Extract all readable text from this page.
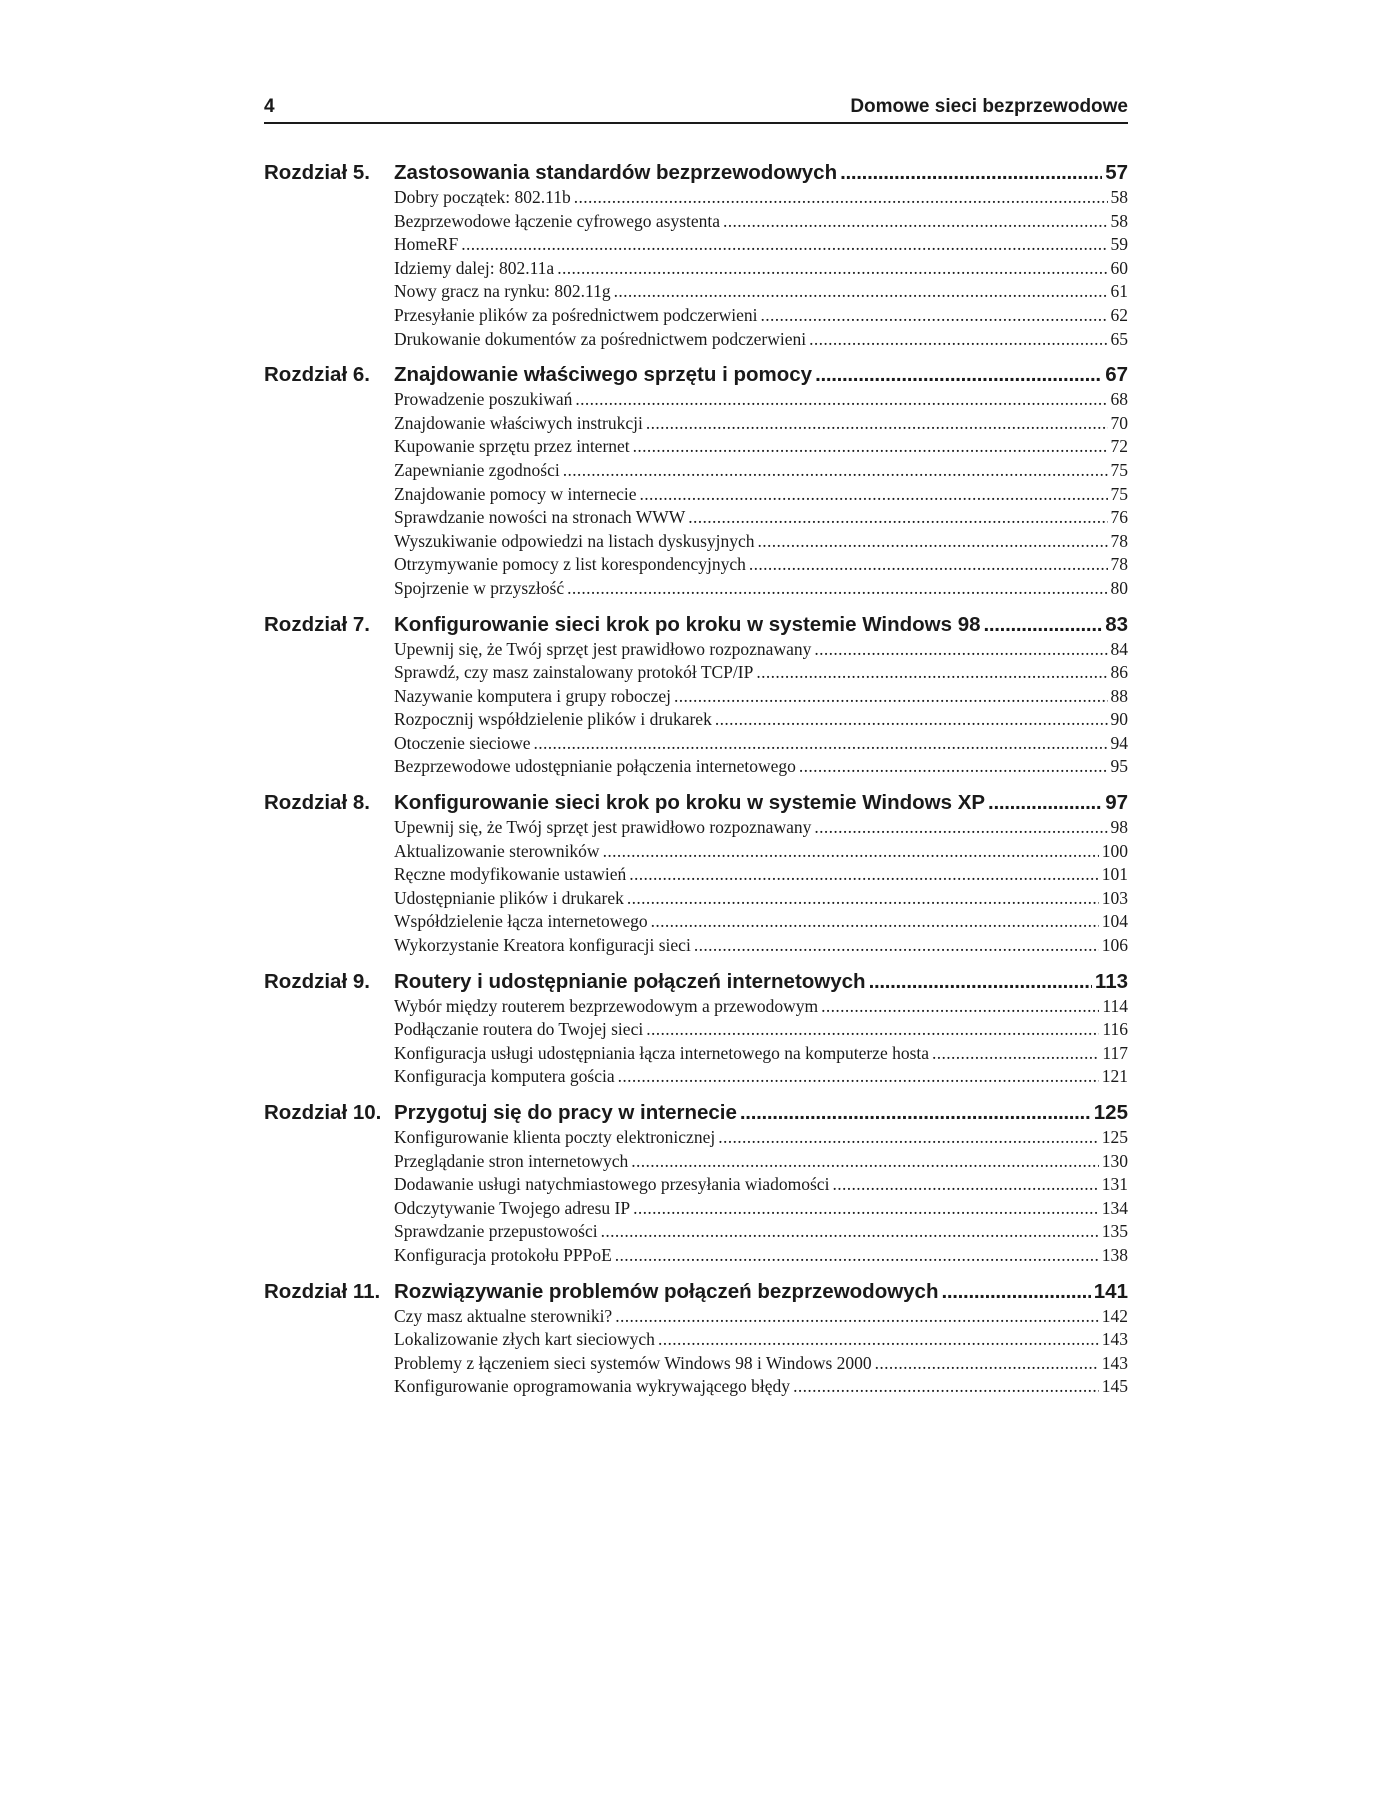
4	Domowe sieci bezprzewodowe
Rozdział 5.	Zastosowania standardów bezprzewodowych . . .	57
Dobry początek: 802.11b . . .	58
Bezprzewodowe łączenie cyfrowego asystenta . . .	58
HomeRF . . .	59
Idziemy dalej: 802.11a . . .	60
Nowy gracz na rynku: 802.11g . . .	61
Przesyłanie plików za pośrednictwem podczerwieni . . .	62
Drukowanie dokumentów za pośrednictwem podczerwieni . . .	65
Rozdział 6.	Znajdowanie właściwego sprzętu i pomocy . . .	67
Prowadzenie poszukiwań . . .	68
Znajdowanie właściwych instrukcji . . .	70
Kupowanie sprzętu przez internet . . .	72
Zapewnianie zgodności . . .	75
Znajdowanie pomocy w internecie . . .	75
Sprawdzanie nowości na stronach WWW . . .	76
Wyszukiwanie odpowiedzi na listach dyskusyjnych . . .	78
Otrzymywanie pomocy z list korespondencyjnych . . .	78
Spojrzenie w przyszłość . . .	80
Rozdział 7.	Konfigurowanie sieci krok po kroku w systemie Windows 98 . . .	83
Upewnij się, że Twój sprzęt jest prawidłowo rozpoznawany . . .	84
Sprawdź, czy masz zainstalowany protokół TCP/IP . . .	86
Nazywanie komputera i grupy roboczej . . .	88
Rozpocznij współdzielenie plików i drukarek . . .	90
Otoczenie sieciowe . . .	94
Bezprzewodowe udostępnianie połączenia internetowego . . .	95
Rozdział 8.	Konfigurowanie sieci krok po kroku w systemie Windows XP . . .	97
Upewnij się, że Twój sprzęt jest prawidłowo rozpoznawany . . .	98
Aktualizowanie sterowników . . .	100
Ręczne modyfikowanie ustawień . . .	101
Udostępnianie plików i drukarek . . .	103
Współdzielenie łącza internetowego . . .	104
Wykorzystanie Kreatora konfiguracji sieci . . .	106
Rozdział 9.	Routery i udostępnianie połączeń internetowych . . .	113
Wybór między routerem bezprzewodowym a przewodowym . . .	114
Podłączanie routera do Twojej sieci . . .	116
Konfiguracja usługi udostępniania łącza internetowego na komputerze hosta . . .	117
Konfiguracja komputera gościa . . .	121
Rozdział 10. Przygotuj się do pracy w internecie . . .	125
Konfigurowanie klienta poczty elektronicznej . . .	125
Przeglądanie stron internetowych . . .	130
Dodawanie usługi natychmiastowego przesyłania wiadomości . . .	131
Odczytywanie Twojego adresu IP . . .	134
Sprawdzanie przepustowości . . .	135
Konfiguracja protokołu PPPoE . . .	138
Rozdział 11. Rozwiązywanie problemów połączeń bezprzewodowych . . .	141
Czy masz aktualne sterowniki? . . .	142
Lokalizowanie złych kart sieciowych . . .	143
Problemy z łączeniem sieci systemów Windows 98 i Windows 2000 . . .	143
Konfigurowanie oprogramowania wykrywającego błędy . . .	145
